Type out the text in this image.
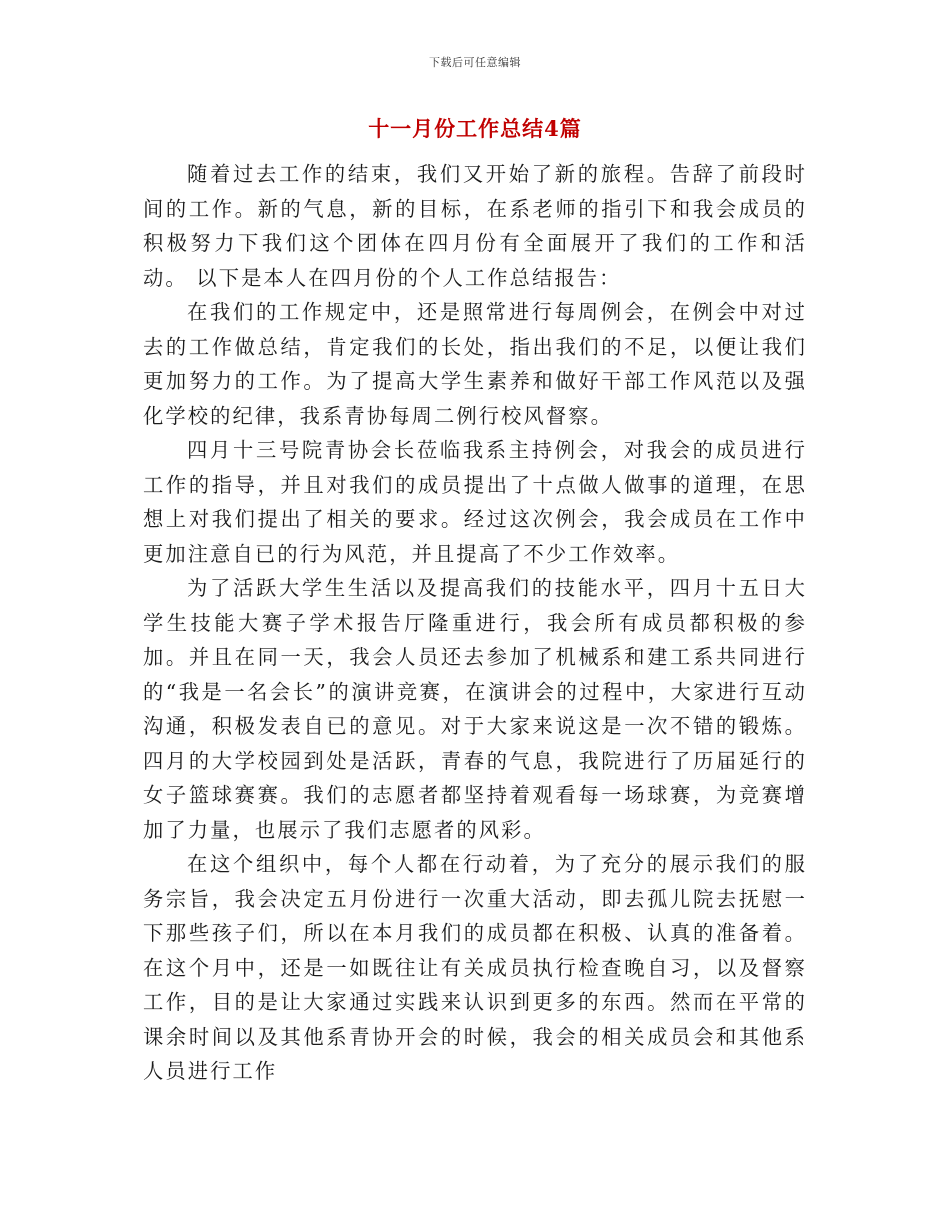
下载后可任意编辑
十一月份工作总结4篇

随着过去工作的结束，我们又开始了新的旅程。告辞了前段时间的工作。新的气息，新的目标，在系老师的指引下和我会成员的积极努力下我们这个团体在四月份有全面展开了我们的工作和活动。 以下是本人在四月份的个人工作总结报告：

在我们的工作规定中，还是照常进行每周例会，在例会中对过去的工作做总结，肯定我们的长处，指出我们的不足，以便让我们更加努力的工作。为了提高大学生素养和做好干部工作风范以及强化学校的纪律，我系青协每周二例行校风督察。

四月十三号院青协会长莅临我系主持例会，对我会的成员进行工作的指导，并且对我们的成员提出了十点做人做事的道理，在思想上对我们提出了相关的要求。经过这次例会，我会成员在工作中更加注意自已的行为风范，并且提高了不少工作效率。

为了活跃大学生生活以及提高我们的技能水平，四月十五日大学生技能大赛子学术报告厅隆重进行，我会所有成员都积极的参加。并且在同一天，我会人员还去参加了机械系和建工系共同进行的“我是一名会长”的演讲竞赛，在演讲会的过程中，大家进行互动沟通，积极发表自已的意见。对于大家来说这是一次不错的锻炼。四月的大学校园到处是活跃，青春的气息，我院进行了历届延行的女子篮球赛赛。我们的志愿者都坚持着观看每一场球赛，为竞赛增加了力量，也展示了我们志愿者的风彩。

在这个组织中，每个人都在行动着，为了充分的展示我们的服务宗旨，我会决定五月份进行一次重大活动，即去孤儿院去抚慰一下那些孩子们，所以在本月我们的成员都在积极、认真的准备着。在这个月中，还是一如既往让有关成员执行检查晚自习，以及督察工作，目的是让大家通过实践来认识到更多的东西。然而在平常的课余时间以及其他系青协开会的时候，我会的相关成员会和其他系人员进行工作
